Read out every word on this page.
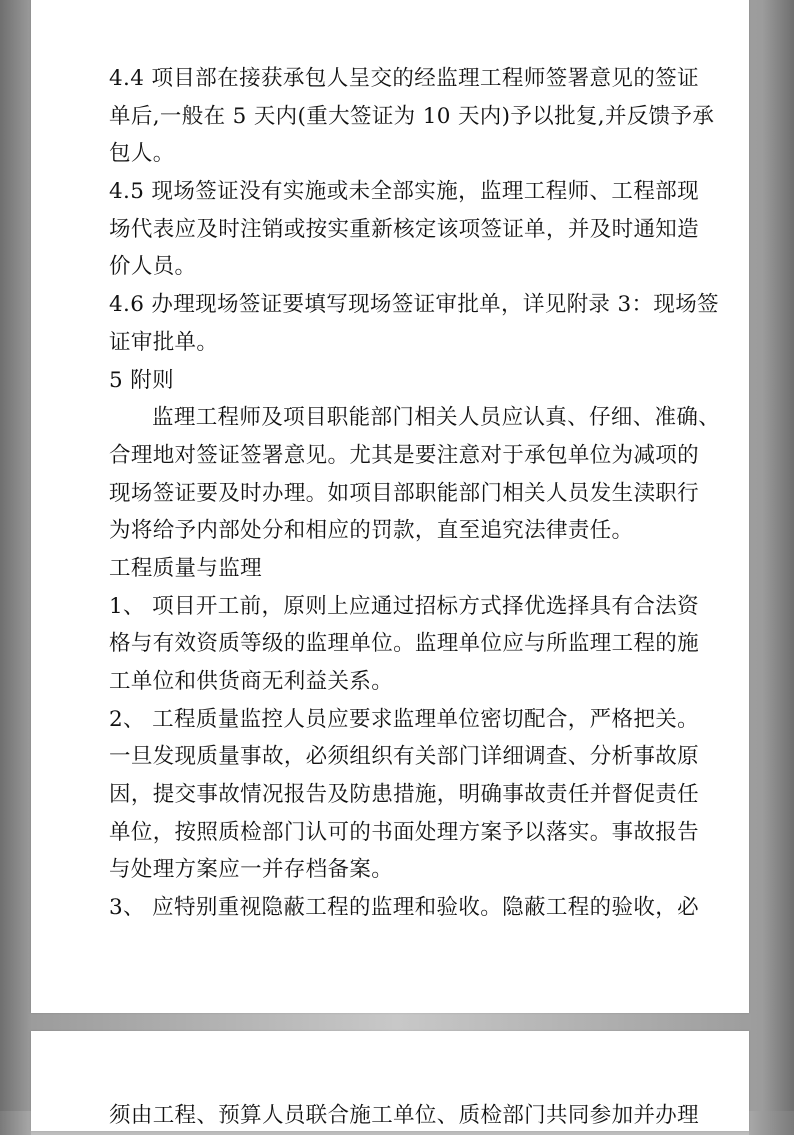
4.4 项目部在接获承包人呈交的经监理工程师签署意见的签证
单后,一般在 5 天内(重大签证为 10 天内)予以批复,并反馈予承
包人。
4.5 现场签证没有实施或未全部实施，监理工程师、工程部现
场代表应及时注销或按实重新核定该项签证单，并及时通知造
价人员。
4.6 办理现场签证要填写现场签证审批单，详见附录 3：现场签
证审批单。
5 附则
监理工程师及项目职能部门相关人员应认真、仔细、准确、
合理地对签证签署意见。尤其是要注意对于承包单位为减项的
现场签证要及时办理。如项目部职能部门相关人员发生渎职行
为将给予内部处分和相应的罚款，直至追究法律责任。
工程质量与监理
1、 项目开工前，原则上应通过招标方式择优选择具有合法资
格与有效资质等级的监理单位。监理单位应与所监理工程的施
工单位和供货商无利益关系。
2、 工程质量监控人员应要求监理单位密切配合，严格把关。
一旦发现质量事故，必须组织有关部门详细调查、分析事故原
因，提交事故情况报告及防患措施，明确事故责任并督促责任
单位，按照质检部门认可的书面处理方案予以落实。事故报告
与处理方案应一并存档备案。
3、 应特别重视隐蔽工程的监理和验收。隐蔽工程的验收，必
须由工程、预算人员联合施工单位、质检部门共同参加并办理
